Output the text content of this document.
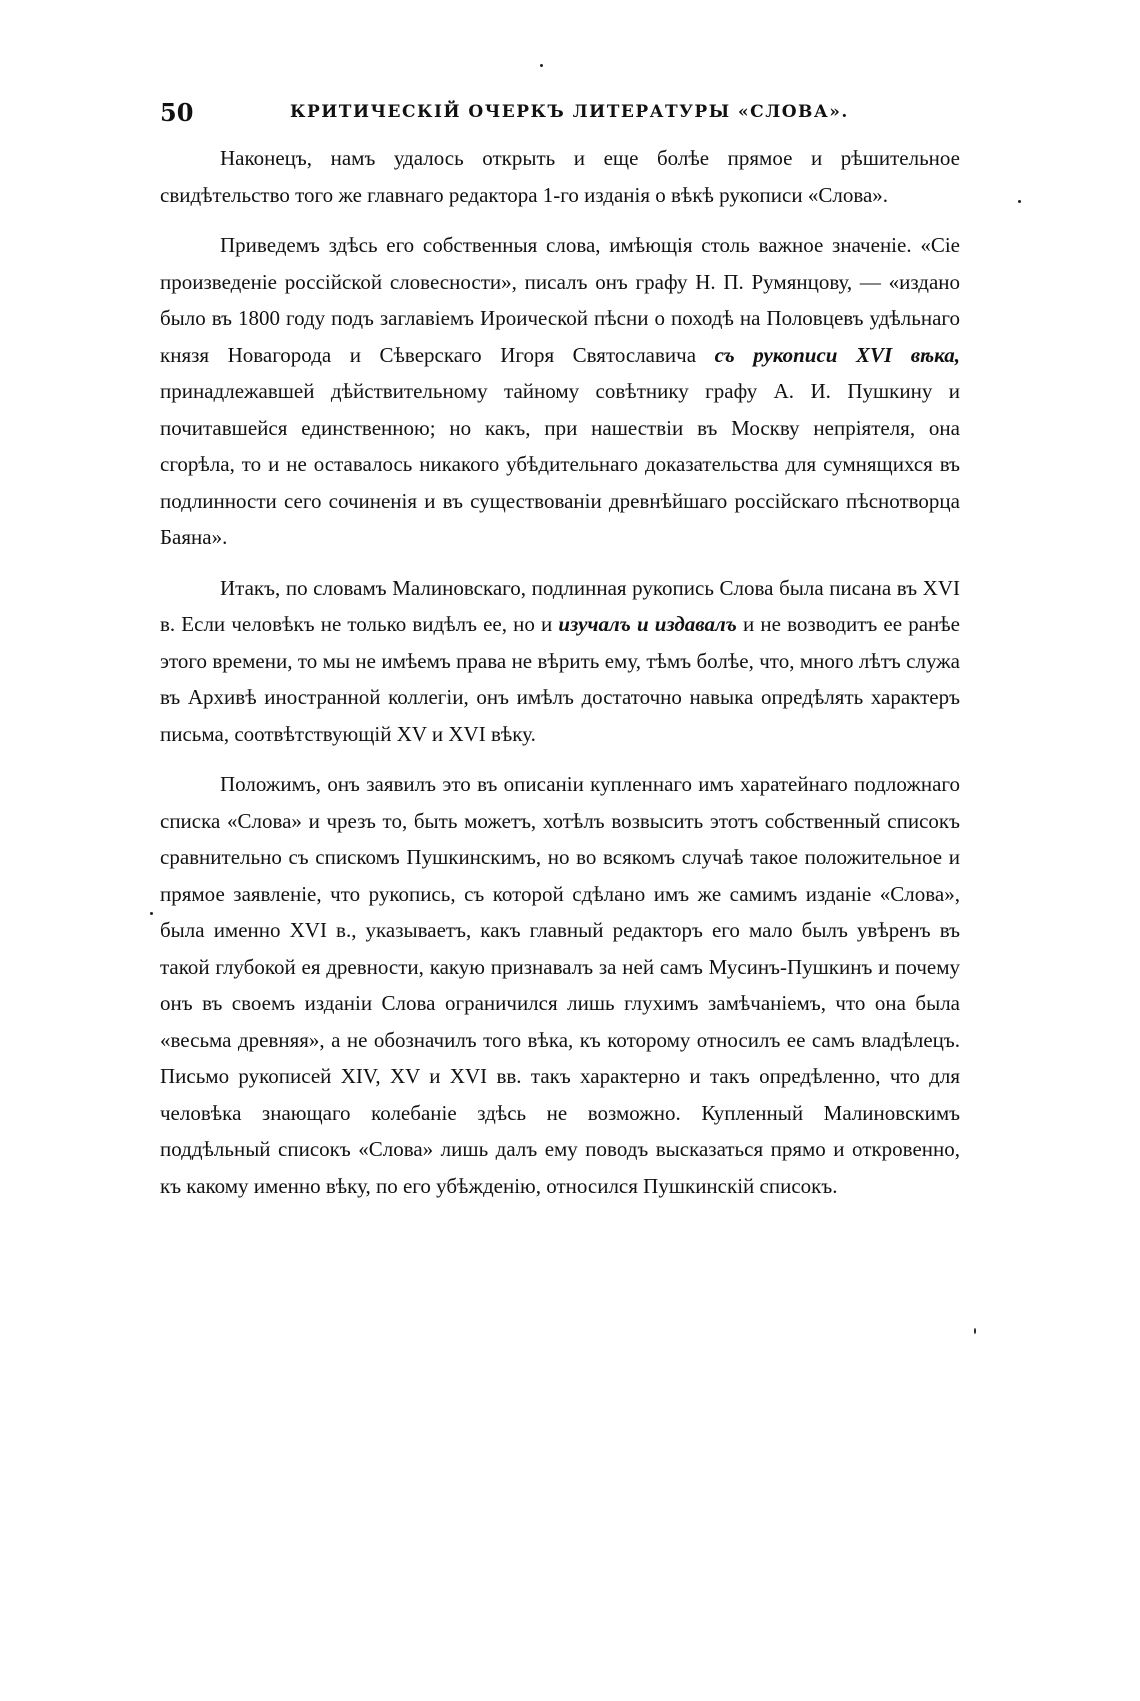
50	КРИТИЧЕСКІЙ ОЧЕРКЪ ЛИТЕРАТУРЫ «СЛОВА».

Наконецъ, намъ удалось открыть и еще болѣе прямое и рѣшительное свидѣтельство того же главнаго редактора 1-го изданія о вѣкѣ рукописи «Слова».

Приведемъ здѣсь его собственныя слова, имѣющія столь важное значеніе. «Сіе произведеніе россійской словесности», писалъ онъ графу Н. П. Румянцову, — «издано было въ 1800 году подъ заглавіемъ Ироической пѣсни о походѣ на Половцевъ удѣльнаго князя Новагорода и Сѣверскаго Игоря Святославича съ рукописи XVI вѣка, принадлежавшей дѣйствительному тайному совѣтнику графу А. И. Пушкину и почитавшейся единственною; но какъ, при нашествіи въ Москву непріятеля, она сгорѣла, то и не оставалось никакого убѣдительнаго доказательства для сумнящихся въ подлинности сего сочиненія и въ существованіи древнѣйшаго россійскаго пѣснотворца Баяна».

Итакъ, по словамъ Малиновскаго, подлинная рукопись Слова была писана въ XVI в. Если человѣкъ не только видѣлъ ее, но и изучалъ и издавалъ и не возводитъ ее ранѣе этого времени, то мы не имѣемъ права не вѣрить ему, тѣмъ болѣе, что, много лѣтъ служа въ Архивѣ иностранной коллегіи, онъ имѣлъ достаточно навыка опредѣлять характеръ письма, соотвѣтствующій XV и XVI вѣку.

Положимъ, онъ заявилъ это въ описаніи купленнаго имъ харатейнаго подложнаго списка «Слова» и чрезъ то, быть можетъ, хотѣлъ возвысить этотъ собственный списокъ сравнительно съ спискомъ Пушкинскимъ, но во всякомъ случаѣ такое положительное и прямое заявленіе, что рукопись, съ которой сдѣлано имъ же самимъ изданіе «Слова», была именно XVI в., указываетъ, какъ главный редакторъ его мало былъ увѣренъ въ такой глубокой ея древности, какую признавалъ за ней самъ Мусинъ-Пушкинъ и почему онъ въ своемъ изданіи Слова ограничился лишь глухимъ замѣчаніемъ, что она была «весьма древняя», а не обозначилъ того вѣка, къ которому относилъ ее самъ владѣлецъ. Письмо рукописей XIV, XV и XVI вв. такъ характерно и такъ опредѣленно, что для человѣка знающаго колебаніе здѣсь не возможно. Купленный Малиновскимъ поддѣльный списокъ «Слова» лишь далъ ему поводъ высказаться прямо и откровенно, къ какому именно вѣку, по его убѣжденію, относился Пушкинскій списокъ.
